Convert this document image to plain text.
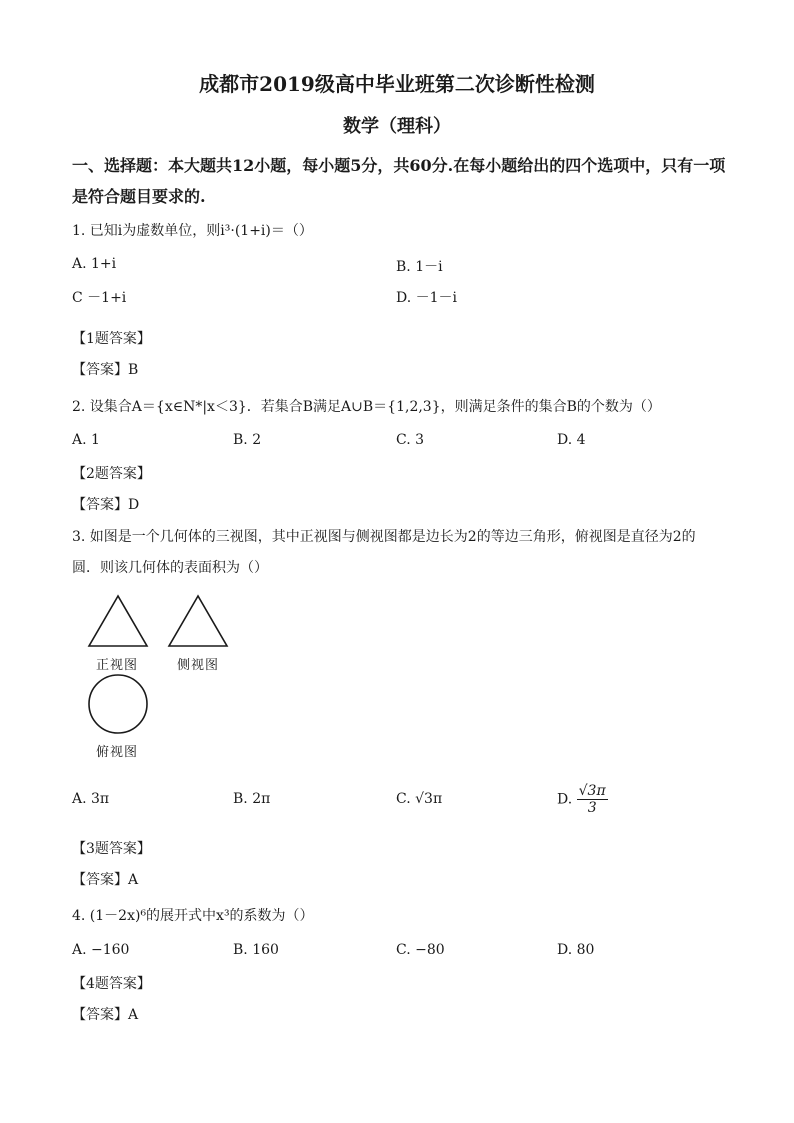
成都市2019级高中毕业班第二次诊断性检测
数学（理科）
一、选择题：本大题共12小题，每小题5分，共60分.在每小题给出的四个选项中，只有一项
是符合题目要求的.
1. 已知i为虚数单位，则i³·(1+i)＝（）
A. 1+i	B. 1－i
C －1+i	D. －1－i
【1题答案】
【答案】B
2. 设集合A＝{x∈N*|x＜3}．若集合B满足A∪B＝{1,2,3}，则满足条件的集合B的个数为（）
A. 1	B. 2	C. 3	D. 4
【2题答案】
【答案】D
3. 如图是一个几何体的三视图，其中正视图与侧视图都是边长为2的等边三角形，俯视图是直径为2的
圆．则该几何体的表面积为（）
正视图	侧视图
俯视图
A. 3π	B. 2π	C. √3π	D. $\frac{√3\pi}{3}$
【3题答案】
【答案】A
4. (1－2x)⁶的展开式中x³的系数为（）
A. −160	B. 160	C. −80	D. 80
【4题答案】
【答案】A
